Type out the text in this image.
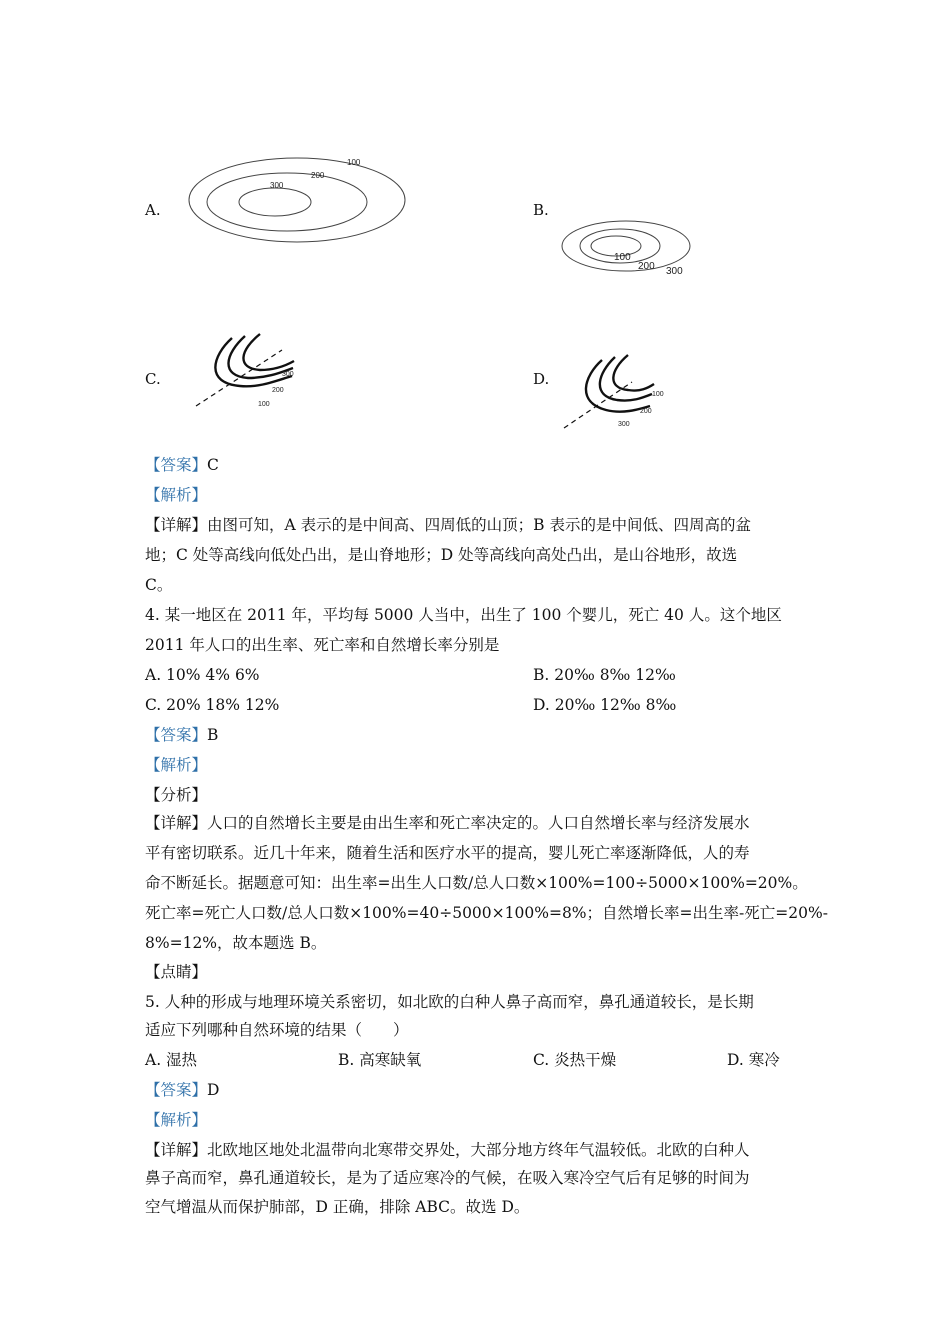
A.	B.
C.	D.
100
200
300
100
200 300
300
200
100
100
200
300
【答案】C
【解析】
【详解】由图可知，A 表示的是中间高、四周低的山顶；B 表示的是中间低、四周高的盆
地；C 处等高线向低处凸出，是山脊地形；D 处等高线向高处凸出，是山谷地形，故选
C。
4. 某一地区在 2011 年，平均每 5000 人当中，出生了 100 个婴儿，死亡 40 人。这个地区
2011 年人口的出生率、死亡率和自然增长率分别是
A. 10% 4% 6%	B. 20‰ 8‰ 12‰
C. 20% 18% 12%	D. 20‰ 12‰ 8‰
【答案】B
【解析】
【分析】
【详解】人口的自然增长主要是由出生率和死亡率决定的。人口自然增长率与经济发展水
平有密切联系。近几十年来，随着生活和医疗水平的提高，婴儿死亡率逐渐降低，人的寿
命不断延长。据题意可知：出生率=出生人口数/总人口数×100%=100÷5000×100%=20%。
死亡率=死亡人口数/总人口数×100%=40÷5000×100%=8%；自然增长率=出生率-死亡=20%-
8%=12%，故本题选 B。
【点睛】
5. 人种的形成与地理环境关系密切，如北欧的白种人鼻子高而窄，鼻孔通道较长，是长期
适应下列哪种自然环境的结果（　　）
A. 湿热	B. 高寒缺氧	C. 炎热干燥	D. 寒冷
【答案】D
【解析】
【详解】北欧地区地处北温带向北寒带交界处，大部分地方终年气温较低。北欧的白种人
鼻子高而窄，鼻孔通道较长，是为了适应寒冷的气候，在吸入寒冷空气后有足够的时间为
空气增温从而保护肺部，D 正确，排除 ABC。故选 D。
